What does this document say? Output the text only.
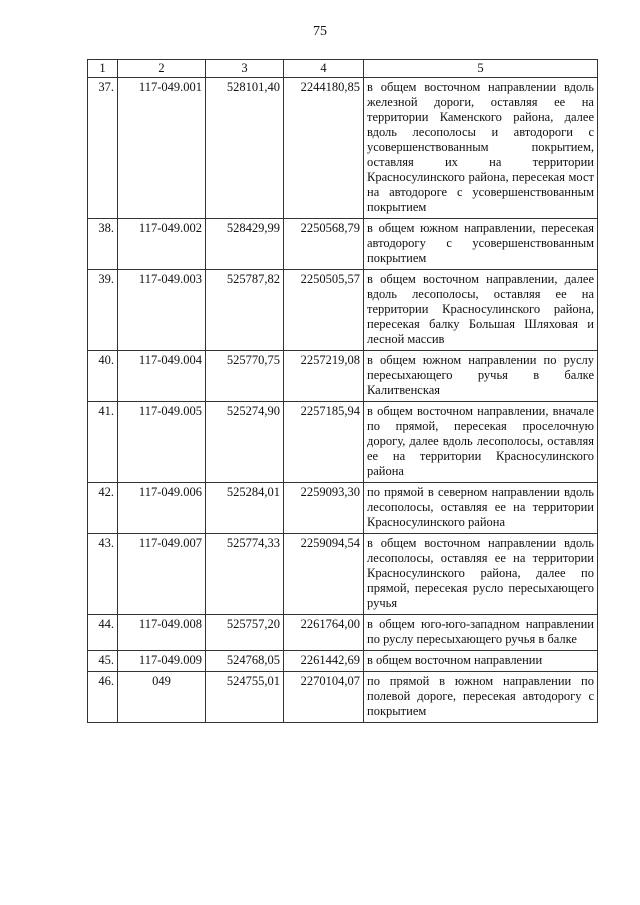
75
1	2	3	4	5
37.	117-049.001	528101,40	2244180,85	в общем восточном направлении вдоль железной дороги, оставляя ее на территории Каменского района, далее вдоль лесополосы и автодороги с усовершенствованным покрытием, оставляя их на территории Красносулинского района, пересекая мост на автодороге с усовершенствованным покрытием
38.	117-049.002	528429,99	2250568,79	в общем южном направлении, пересекая автодорогу с усовершенствованным покрытием
39.	117-049.003	525787,82	2250505,57	в общем восточном направлении, далее вдоль лесополосы, оставляя ее на территории Красносулинского района, пересекая балку Большая Шляховая и лесной массив
40.	117-049.004	525770,75	2257219,08	в общем южном направлении по руслу пересыхающего ручья в балке Калитвенская
41.	117-049.005	525274,90	2257185,94	в общем восточном направлении, вначале по прямой, пересекая проселочную дорогу, далее вдоль лесополосы, оставляя ее на территории Красносулинского района
42.	117-049.006	525284,01	2259093,30	по прямой в северном направлении вдоль лесополосы, оставляя ее на территории Красносулинского района
43.	117-049.007	525774,33	2259094,54	в общем восточном направлении вдоль лесополосы, оставляя ее на территории Красносулинского района, далее по прямой, пересекая русло пересыхающего ручья
44.	117-049.008	525757,20	2261764,00	в общем юго-юго-западном направлении по руслу пересыхающего ручья в балке
45.	117-049.009	524768,05	2261442,69	в общем восточном направлении
46.	049	524755,01	2270104,07	по прямой в южном направлении по полевой дороге, пересекая автодорогу с покрытием
